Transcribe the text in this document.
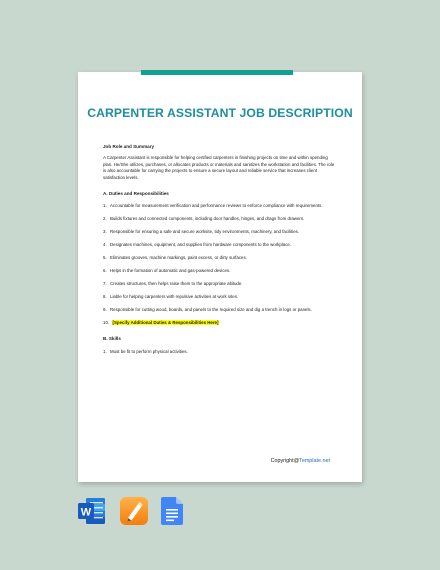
CARPENTER ASSISTANT JOB DESCRIPTION

Job Role and Summary

A Carpenter Assistant is responsible for helping certified carpenters in finishing projects on time and within spending plan. He/She utilizes, purchases, or allocates products or materials and sanitizes the workstation and facilities. The role is also accountable for carrying the projects to ensure a secure layout and reliable service that increases client satisfaction levels.

A. Duties and Responsibilities

1. Accountable for measurement verification and performance reviews to enforce compliance with requirements.
2. Builds fixtures and connected components, including door handles, hinges, and drags from drawers.
3. Responsible for ensuring a safe and secure worksite, tidy environments, machinery, and facilities.
4. Designates machines, equipment, and supplies from hardware components to the workplace.
5. Eliminates grooves, machine markings, paint excess, or dirty surfaces.
6. Helps in the formation of automatic and gas-powered devices.
7. Creates structures, then helps raise them to the appropriate altitude.
8. Liable for helping carpenters with repulsive activities at work sites.
9. Responsible for cutting wood, boards, and panels to the required size and dig a trench in logs or panels.
10. [Specify Additional Duties & Responsibilities Here]

B. Skills

1. Must be fit to perform physical activities.
Copyright@Template.net
W
